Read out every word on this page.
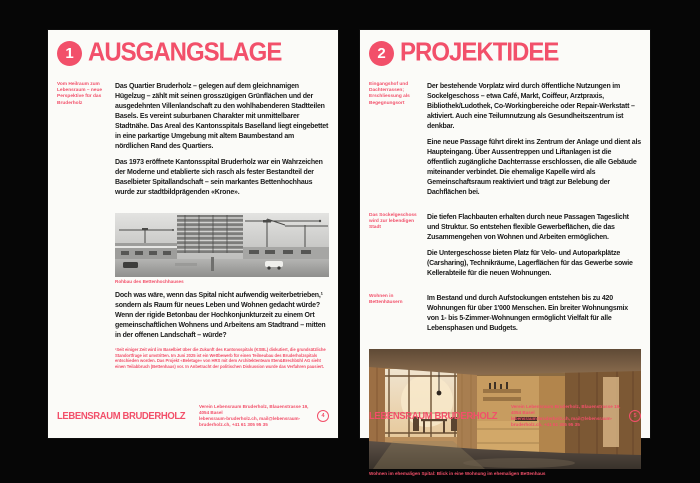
1 AUSGANGSLAGE
Vom Heilraum zum Lebensraum – neue Perspektive für das Bruderholz

Das Quartier Bruderholz – gelegen auf dem gleichnamigen Hügelzug – zählt mit seinen grosszügigen Grünflächen und der ausgedehnten Villenlandschaft zu den wohlhabenderen Stadtteilen Basels. Es vereint suburbanen Charakter mit unmittelbarer Stadtnähe. Das Areal des Kantonsspitals Baselland liegt eingebettet in eine parkartige Umgebung mit altem Baumbestand am nördlichen Rand des Quartiers.

Das 1973 eröffnete Kantonsspital Bruderholz war ein Wahrzeichen der Moderne und etablierte sich rasch als fester Bestandteil der Baselbieter Spitallandschaft – sein markantes Bettenhochhaus wurde zur stadtbildprägenden «Krone».

Rohbau des Bettenhochhauses

Doch was wäre, wenn das Spital nicht aufwendig weiterbetrieben,¹ sondern als Raum für neues Leben und Wohnen gedacht würde? Wenn der rigide Betonbau der Hochkonjunkturzeit zu einem Ort gemeinschaftlichen Wohnens und Arbeitens am Stadtrand – mitten in der offenen Landschaft – würde?

¹Seit einiger Zeit wird im Baselbiet über die Zukunft des Kantonsspitals (KSBL) diskutiert, die grundsätzliche Standortfrage ist umstritten. Im Juni 2025 ist ein Wettbewerb für einen Teilneubau des Bruderholzspitals entschieden worden. Das Projekt «Beletage» von HRS mit dem Architektenteam Itten&Brechbühl AG sieht einen Teilabbruch (Bettenhaus) vor. In Anbetracht der politischen Diskussion wurde das Verfahren pausiert.
LEBENSRAUM BRUDERHOLZ
Verein Lebensraum Bruderholz, Blauenstrasse 19, 4054 Basel
lebensraum-bruderholz.ch, mail@lebensraum-bruderholz.ch, +41 61 305 95 35
4
2 PROJEKTIDEE
Eingangshof und Dachterrassen; Erschliessung als Begegnungsort

Der bestehende Vorplatz wird durch öffentliche Nutzungen im Sockelgeschoss – etwa Café, Markt, Coiffeur, Arztpraxis, Bibliothek/Ludothek, Co-Workingbereiche oder Repair-Werkstatt – aktiviert. Auch eine Teilumnutzung als Gesundheitszentrum ist denkbar.

Eine neue Passage führt direkt ins Zentrum der Anlage und dient als Haupteingang. Über Aussentreppen und Liftanlagen ist die öffentlich zugängliche Dachterrasse erschlossen, die alle Gebäude miteinander verbindet. Die ehemalige Kapelle wird als Gemeinschaftsraum reaktiviert und trägt zur Belebung der Dachflächen bei.

Das Sockelgeschoss wird zur lebendigen Stadt

Die tiefen Flachbauten erhalten durch neue Passagen Tageslicht und Struktur. So entstehen flexible Gewerbeflächen, die das Zusammengehen von Wohnen und Arbeiten ermöglichen.

Die Untergeschosse bieten Platz für Velo- und Autoparkplätze (Carsharing), Technikräume, Lagerflächen für das Gewerbe sowie Kellerabteile für die neuen Wohnungen.

Wohnen in Bettenhäusern

Im Bestand und durch Aufstockungen entstehen bis zu 420 Wohnungen für über 1'000 Menschen. Ein breiter Wohnungsmix von 1- bis 5-Zimmer-Wohnungen ermöglicht Vielfalt für alle Lebensphasen und Budgets.

Wohnen im ehemaligen Spital: Blick in eine Wohnung im ehemaligen Bettenhaus
LEBENSRAUM BRUDERHOLZ
Verein Lebensraum Bruderholz, Blauenstrasse 19, 4054 Basel
lebensraum-bruderholz.ch, mail@lebensraum-bruderholz.ch, +41 61 305 95 35
5
